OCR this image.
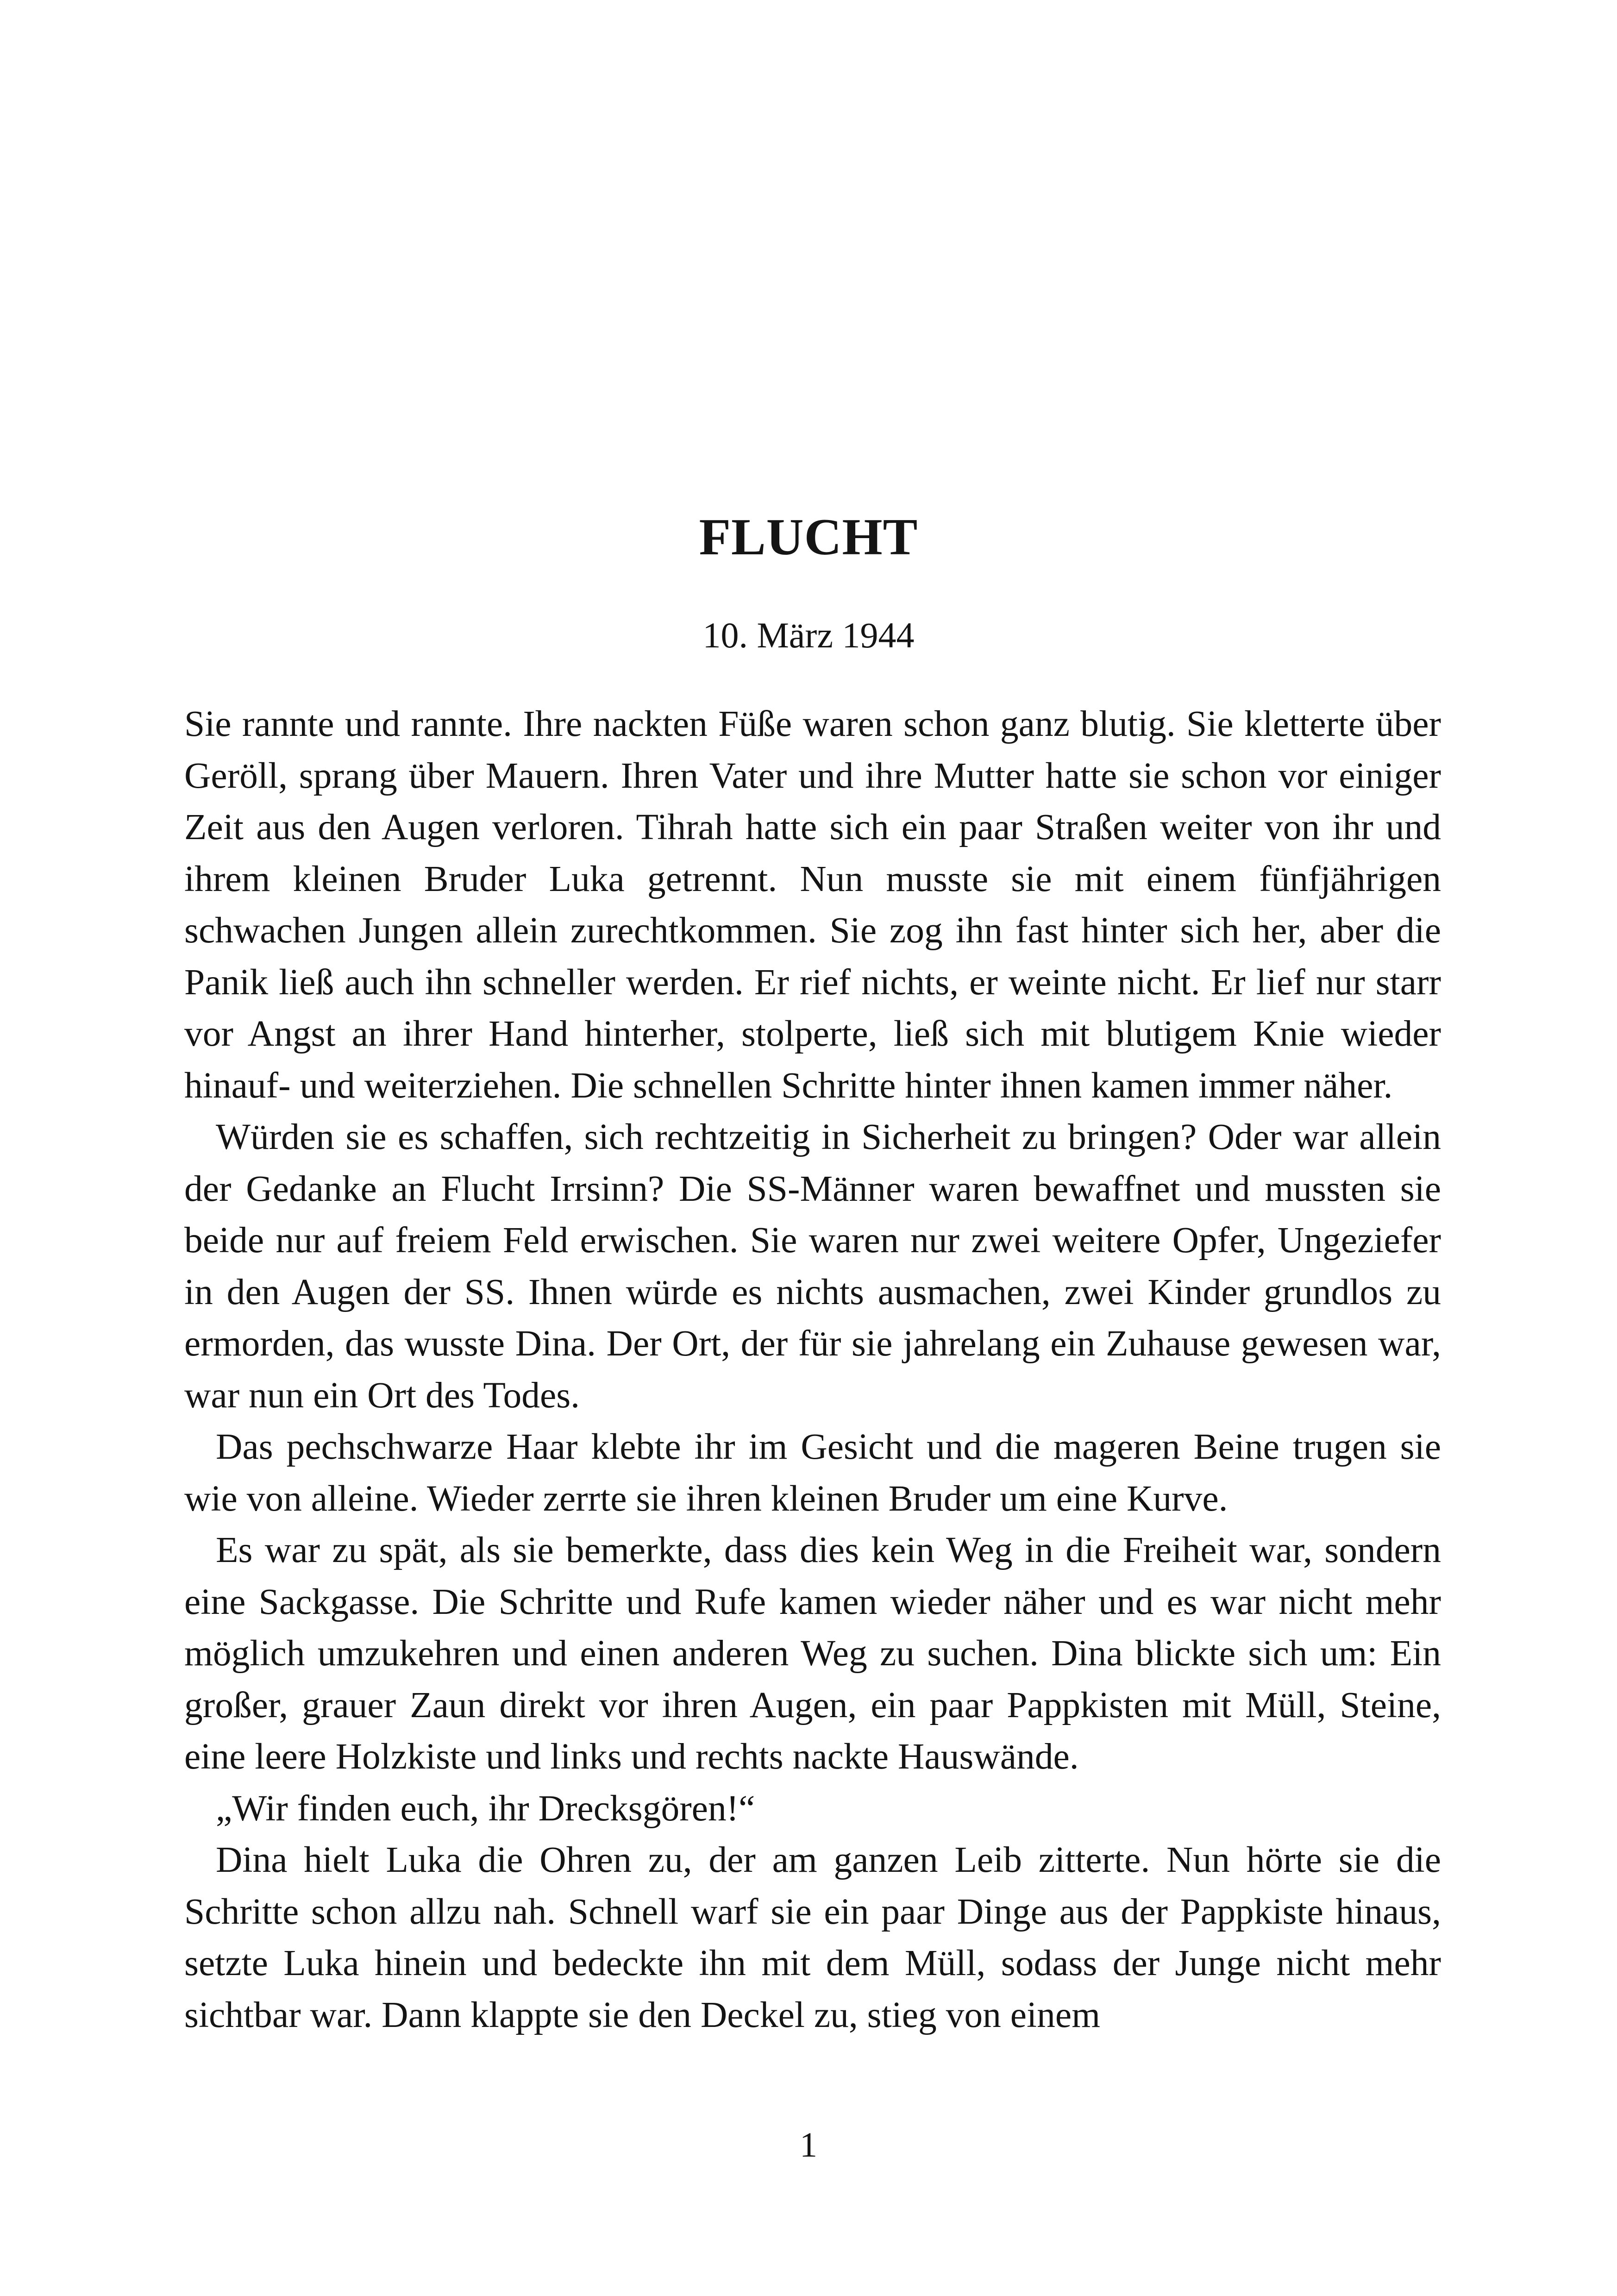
FLUCHT
10. März 1944

Sie rannte und rannte. Ihre nackten Füße waren schon ganz blutig. Sie kletterte über Geröll, sprang über Mauern. Ihren Vater und ihre Mutter hatte sie schon vor einiger Zeit aus den Augen verloren. Tihrah hatte sich ein paar Straßen weiter von ihr und ihrem kleinen Bruder Luka getrennt. Nun musste sie mit einem fünfjährigen schwachen Jungen allein zurechtkommen. Sie zog ihn fast hinter sich her, aber die Panik ließ auch ihn schneller werden. Er rief nichts, er weinte nicht. Er lief nur starr vor Angst an ihrer Hand hinterher, stolperte, ließ sich mit blutigem Knie wieder hinauf- und weiterziehen. Die schnellen Schritte hinter ihnen kamen immer näher.

Würden sie es schaffen, sich rechtzeitig in Sicherheit zu bringen? Oder war allein der Gedanke an Flucht Irrsinn? Die SS-Männer waren bewaffnet und mussten sie beide nur auf freiem Feld erwischen. Sie waren nur zwei weitere Opfer, Ungeziefer in den Augen der SS. Ihnen würde es nichts ausmachen, zwei Kinder grundlos zu ermorden, das wusste Dina. Der Ort, der für sie jahrelang ein Zuhause gewesen war, war nun ein Ort des Todes.

Das pechschwarze Haar klebte ihr im Gesicht und die mageren Beine trugen sie wie von alleine. Wieder zerrte sie ihren kleinen Bruder um eine Kurve.

Es war zu spät, als sie bemerkte, dass dies kein Weg in die Freiheit war, sondern eine Sackgasse. Die Schritte und Rufe kamen wieder näher und es war nicht mehr möglich umzukehren und einen anderen Weg zu suchen. Dina blickte sich um: Ein großer, grauer Zaun direkt vor ihren Augen, ein paar Pappkisten mit Müll, Steine, eine leere Holzkiste und links und rechts nackte Hauswände.

„Wir finden euch, ihr Drecksgören!“

Dina hielt Luka die Ohren zu, der am ganzen Leib zitterte. Nun hörte sie die Schritte schon allzu nah. Schnell warf sie ein paar Dinge aus der Pappkiste hinaus, setzte Luka hinein und bedeckte ihn mit dem Müll, sodass der Junge nicht mehr sichtbar war. Dann klappte sie den Deckel zu, stieg von einem

1
